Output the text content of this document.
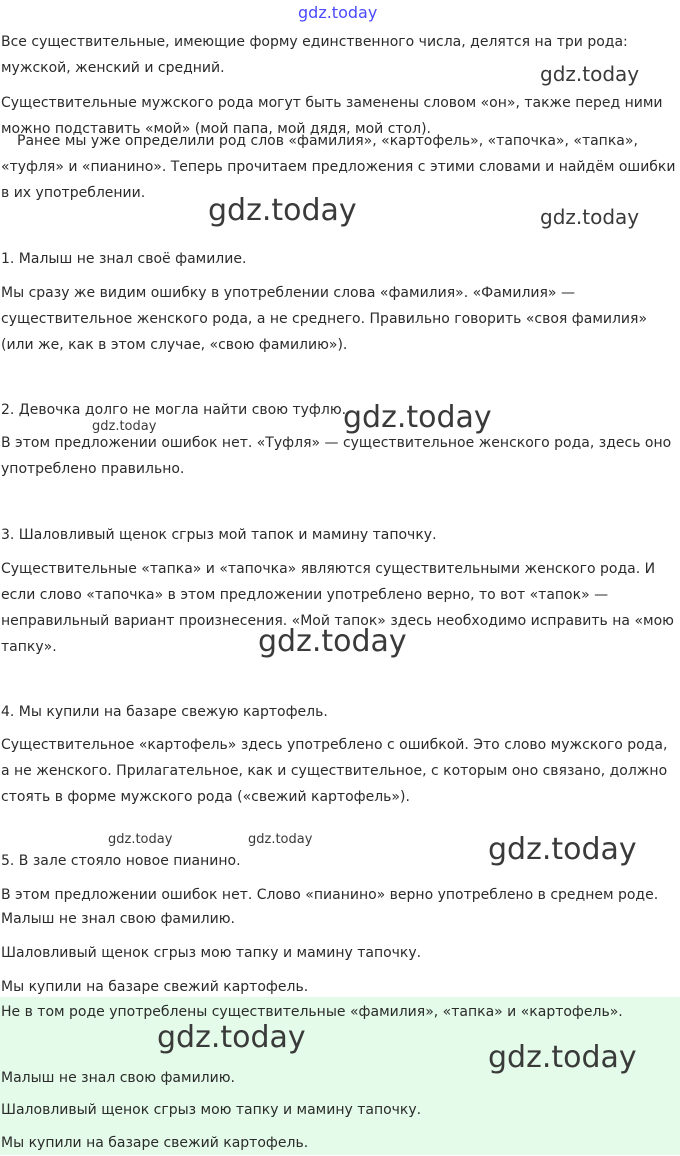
gdz.today
gdz.today
gdz.today	gdz.today
gdz.today	gdz.today
gdz.today
gdz.today	gdz.today	gdz.today
gdz.today
gdz.today

Все существительные, имеющие форму единственного числа, делятся на три рода: мужской, женский и средний.

Существительные мужского рода могут быть заменены словом «он», также перед ними можно подставить «мой» (мой папа, мой дядя, мой стол).

Ранее мы уже определили род слов «фамилия», «картофель», «тапочка», «тапка», «туфля» и «пианино». Теперь прочитаем предложения с этими словами и найдём ошибки в их употреблении.

1. Малыш не знал своё фамилие.

Мы сразу же видим ошибку в употреблении слова «фамилия». «Фамилия» — существительное женского рода, а не среднего. Правильно говорить «своя фамилия» (или же, как в этом случае, «свою фамилию»).

2. Девочка долго не могла найти свою туфлю.

В этом предложении ошибок нет. «Туфля» — существительное женского рода, здесь оно употреблено правильно.

3. Шаловливый щенок сгрыз мой тапок и мамину тапочку.

Существительные «тапка» и «тапочка» являются существительными женского рода. И если слово «тапочка» в этом предложении употреблено верно, то вот «тапок» — неправильный вариант произнесения. «Мой тапок» здесь необходимо исправить на «мою тапку».

4. Мы купили на базаре свежую картофель.

Существительное «картофель» здесь употреблено с ошибкой. Это слово мужского рода, а не женского. Прилагательное, как и существительное, с которым оно связано, должно стоять в форме мужского рода («свежий картофель»).

5. В зале стояло новое пианино.

В этом предложении ошибок нет. Слово «пианино» верно употреблено в среднем роде.

Малыш не знал свою фамилию.

Шаловливый щенок сгрыз мою тапку и мамину тапочку.

Мы купили на базаре свежий картофель.

Не в том роде употреблены существительные «фамилия», «тапка» и «картофель».

Малыш не знал свою фамилию.

Шаловливый щенок сгрыз мою тапку и мамину тапочку.

Мы купили на базаре свежий картофель.
